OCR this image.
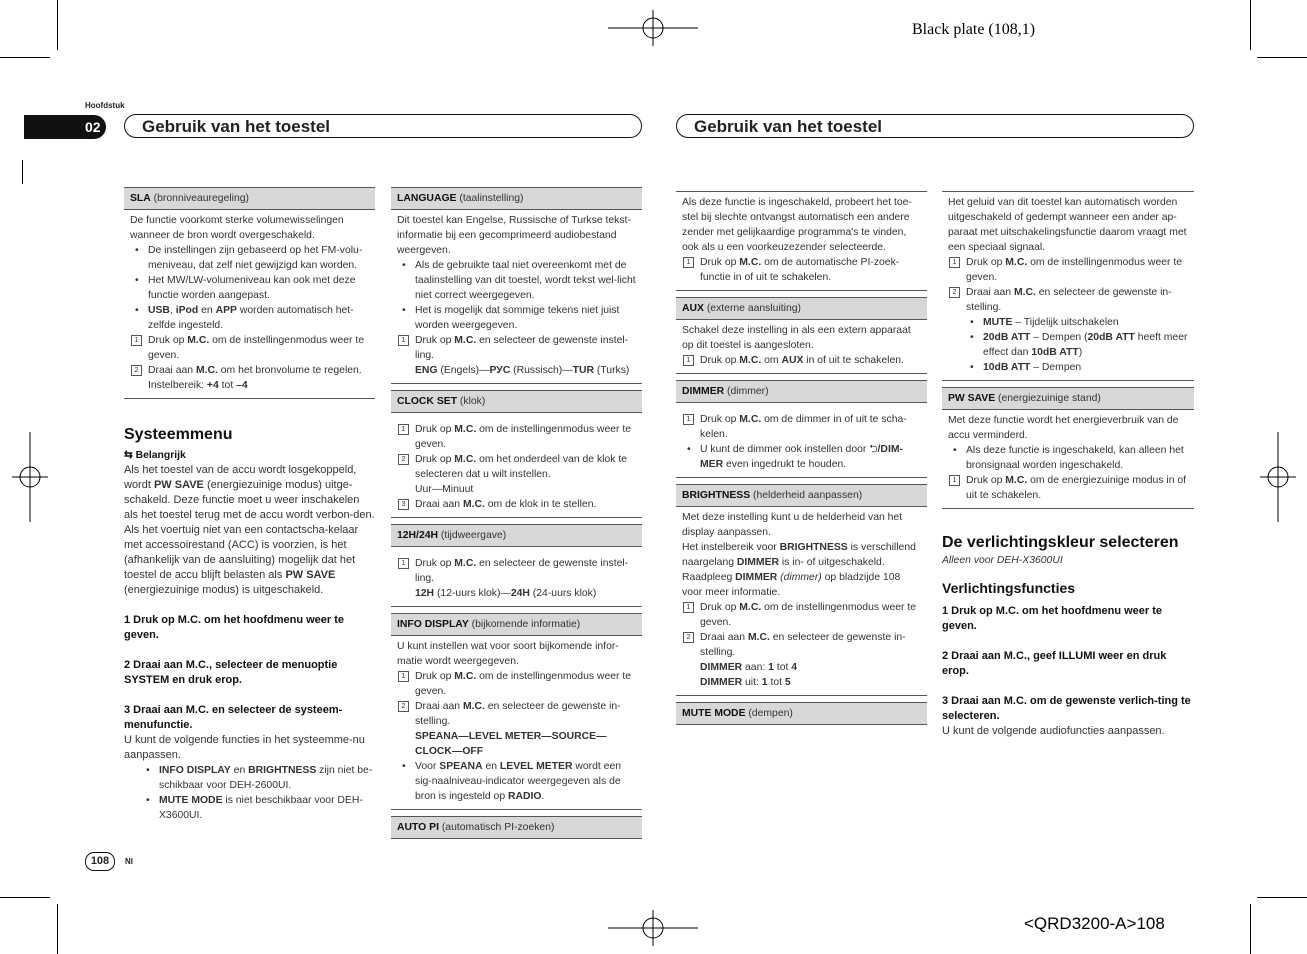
Black plate (108,1)
<QRD3200-A>108
Hoofdstuk
02	Gebruik van het toestel	Gebruik van het toestel

SLA (bronniveauregeling)

De functie voorkomt sterke volumewisselingen wanneer de bron wordt overgeschakeld.

• De instellingen zijn gebaseerd op het FM-volu-meniveau, dat zelf niet gewijzigd kan worden.
• Het MW/LW-volumeniveau kan ook met deze functie worden aangepast.
• USB, iPod en APP worden automatisch het-zelfde ingesteld.
1 Druk op M.C. om de instellingenmodus weer te geven.
2 Draai aan M.C. om het bronvolume te regelen. Instelbereik: +4 tot –4

Systeemmenu

⇆ Belangrijk

Als het toestel van de accu wordt losgekoppeld, wordt PW SAVE (energiezuinige modus) uitge-schakeld. Deze functie moet u weer inschakelen als het toestel terug met de accu wordt verbon-den. Als het voertuig niet van een contactscha-kelaar met accessoirestand (ACC) is voorzien, is het (afhankelijk van de aansluiting) mogelijk dat het toestel de accu blijft belasten als PW SAVE (energiezuinige modus) is uitgeschakeld.

1 Druk op M.C. om het hoofdmenu weer te geven.

2 Draai aan M.C., selecteer de menuoptie SYSTEM en druk erop.

3 Draai aan M.C. en selecteer de systeem-menufunctie.

U kunt de volgende functies in het systeemme-nu aanpassen.

• INFO DISPLAY en BRIGHTNESS zijn niet be-schikbaar voor DEH-2600UI.
• MUTE MODE is niet beschikbaar voor DEH-X3600UI.

LANGUAGE (taalinstelling)

Dit toestel kan Engelse, Russische of Turkse tekst-informatie bij een gecomprimeerd audiobestand weergeven.

• Als de gebruikte taal niet overeenkomt met de taalinstelling van dit toestel, wordt tekst wel-licht niet correct weergegeven.
• Het is mogelijk dat sommige tekens niet juist worden weergegeven.
1 Druk op M.C. en selecteer de gewenste instel-ling.
ENG (Engels)—РУС (Russisch)—TUR (Turks)

CLOCK SET (klok)

1 Druk op M.C. om de instellingenmodus weer te geven.
2 Druk op M.C. om het onderdeel van de klok te selecteren dat u wilt instellen.
Uur—Minuut
3 Draai aan M.C. om de klok in te stellen.

12H/24H (tijdweergave)

1 Druk op M.C. en selecteer de gewenste instel-ling.
12H (12-uurs klok)—24H (24-uurs klok)

INFO DISPLAY (bijkomende informatie)

U kunt instellen wat voor soort bijkomende infor-matie wordt weergegeven.

1 Druk op M.C. om de instellingenmodus weer te geven.
2 Draai aan M.C. en selecteer de gewenste in-stelling.
SPEANA—LEVEL METER—SOURCE—CLOCK—OFF
• Voor SPEANA en LEVEL METER wordt een sig-naalniveau-indicator weergegeven als de bron is ingesteld op RADIO.

AUTO PI (automatisch PI-zoeken)

Als deze functie is ingeschakeld, probeert het toe-stel bij slechte ontvangst automatisch een andere zender met gelijkaardige programma's te vinden, ook als u een voorkeuzezender selecteerde.

1 Druk op M.C. om de automatische PI-zoek-functie in of uit te schakelen.

AUX (externe aansluiting)

Schakel deze instelling in als een extern apparaat op dit toestel is aangesloten.

1 Druk op M.C. om AUX in of uit te schakelen.

DIMMER (dimmer)

1 Druk op M.C. om de dimmer in of uit te scha-kelen.
• U kunt de dimmer ook instellen door ⮌/DIM-MER even ingedrukt te houden.

BRIGHTNESS (helderheid aanpassen)

Met deze instelling kunt u de helderheid van het display aanpassen.

Het instelbereik voor BRIGHTNESS is verschillend naargelang DIMMER is in- of uitgeschakeld. Raadpleeg DIMMER (dimmer) op bladzijde 108 voor meer informatie.

1 Druk op M.C. om de instellingenmodus weer te geven.
2 Draai aan M.C. en selecteer de gewenste in-stelling.
DIMMER aan: 1 tot 4
DIMMER uit: 1 tot 5

MUTE MODE (dempen)

Het geluid van dit toestel kan automatisch worden uitgeschakeld of gedempt wanneer een ander ap-paraat met uitschakelingsfunctie daarom vraagt met een speciaal signaal.

1 Druk op M.C. om de instellingenmodus weer te geven.
2 Draai aan M.C. en selecteer de gewenste in-stelling.
• MUTE – Tijdelijk uitschakelen
• 20dB ATT – Dempen (20dB ATT heeft meer effect dan 10dB ATT)
• 10dB ATT – Dempen

PW SAVE (energiezuinige stand)

Met deze functie wordt het energieverbruik van de accu verminderd.

• Als deze functie is ingeschakeld, kan alleen het bronsignaal worden ingeschakeld.
1 Druk op M.C. om de energiezuinige modus in of uit te schakelen.

De verlichtingskleur selecteren

Alleen voor DEH-X3600UI

Verlichtingsfuncties

1 Druk op M.C. om het hoofdmenu weer te geven.

2 Draai aan M.C., geef ILLUMI weer en druk erop.

3 Draai aan M.C. om de gewenste verlich-ting te selecteren.

U kunt de volgende audiofuncties aanpassen.

108	Nl
